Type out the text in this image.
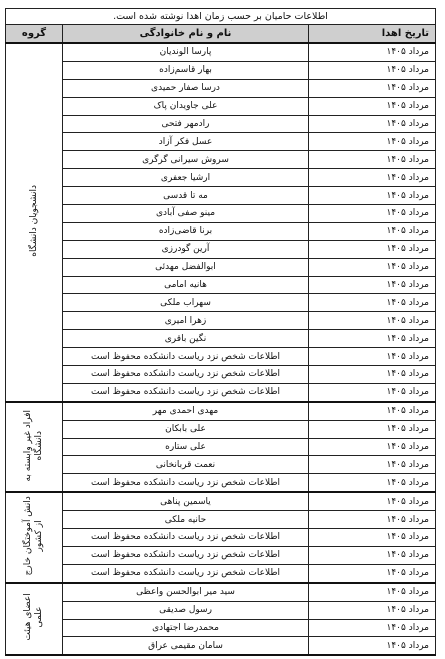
اطلاعات حامیان بر حسب زمان اهدا نوشته شده است.		
تاریخ اهدا	نام و نام خانوادگی	گروه
مرداد ۱۴۰۵	پارسا الوندیان	دانشجویان دانشگاه
مرداد ۱۴۰۵	بهار قاسم‌زاده	
مرداد ۱۴۰۵	درسا صفار حمیدی	
مرداد ۱۴۰۵	علی جاویدان پاک	
مرداد ۱۴۰۵	رادمهر فتحی	
مرداد ۱۴۰۵	عسل فکر آزاد	
مرداد ۱۴۰۵	سروش سیرانی گرگری	
مرداد ۱۴۰۵	ارشیا جعفری	
مرداد ۱۴۰۵	مه تا قدسی	
مرداد ۱۴۰۵	مینو صفی آبادی	
مرداد ۱۴۰۵	برنا قاضی‌زاده	
مرداد ۱۴۰۵	آرین گودرزی	
مرداد ۱۴۰۵	ابوالفضل مهدئی	
مرداد ۱۴۰۵	هانیه امامی	
مرداد ۱۴۰۵	سهراب ملکی	
مرداد ۱۴۰۵	زهرا امیری	
مرداد ۱۴۰۵	نگین باقری	
مرداد ۱۴۰۵	اطلاعات شخص نزد ریاست دانشکده محفوظ است	
مرداد ۱۴۰۵	اطلاعات شخص نزد ریاست دانشکده محفوظ است	
مرداد ۱۴۰۵	اطلاعات شخص نزد ریاست دانشکده محفوظ است	
مرداد ۱۴۰۵	مهدی احمدی مهر	افراد غیر وابسته به دانشگاه
مرداد ۱۴۰۵	علی بابکان	
مرداد ۱۴۰۵	علی ستاره	
مرداد ۱۴۰۵	نعمت قربانخانی	
مرداد ۱۴۰۵	اطلاعات شخص نزد ریاست دانشکده محفوظ است	
مرداد ۱۴۰۵	یاسمین پناهی	دانش آموختگان خارج از کشور
مرداد ۱۴۰۵	حانیه ملکی	
مرداد ۱۴۰۵	اطلاعات شخص نزد ریاست دانشکده محفوظ است	
مرداد ۱۴۰۵	اطلاعات شخص نزد ریاست دانشکده محفوظ است	
مرداد ۱۴۰۵	اطلاعات شخص نزد ریاست دانشکده محفوظ است	
مرداد ۱۴۰۵	سید میر ابوالحسن واعظی	اعضای هیئت علمی
مرداد ۱۴۰۵	رسول صدیقی	
مرداد ۱۴۰۵	محمدرضا اجتهادی	
مرداد ۱۴۰۵	سامان مقیمی عراق	
